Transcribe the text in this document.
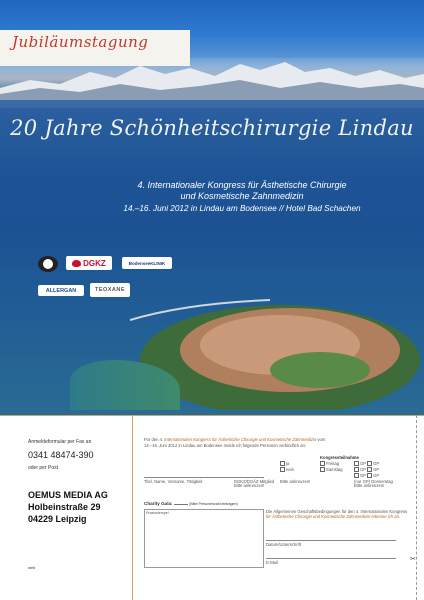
Jubiläumstagung
20 Jahre Schönheitschirurgie Lindau
4. Internationaler Kongress für Ästhetische Chirurgie
und Kosmetische Zahnmedizin
14.–16. Juni 2012 in Lindau am Bodensee // Hotel Bad Schachen
DGKZ	BodenseeKLINIK
ALLERGAN	TEOXANE
Anmeldeformular per Fax an
0341 48474-390
oder per Post
OEMUS MEDIA AG
Holbeinstraße 29
04229 Leipzig
web
Für den 4. Internationalen Kongress für Ästhetische Chirurgie und Kosmetische Zahnmedizin vom
14.–16. Juni 2012 in Lindau am Bodensee melde ich folgende Personen verbindlich an:
Kongressteilnahme
ja
nein
Freitag
Samstag
GP GP
GP GP
GP GP
Titel, Name, Vorname, Tätigkeit	DGKZ/DGÄZ-Mitglied
Bitte ankreuzen!
Bitte ankreuzen!	(nur GP) Donnerstag
Bitte ankreuzen!
Charity Gala:	(Bitte Personenzahl eintragen)
Praxisstempel	Die Allgemeinen Geschäftsbedingungen für den 4. Internationalen Kongress
für Ästhetische Chirurgie und Kosmetische Zahnmedizin erkenne ich an.
Datum/Unterschrift
E-Mail	✂
